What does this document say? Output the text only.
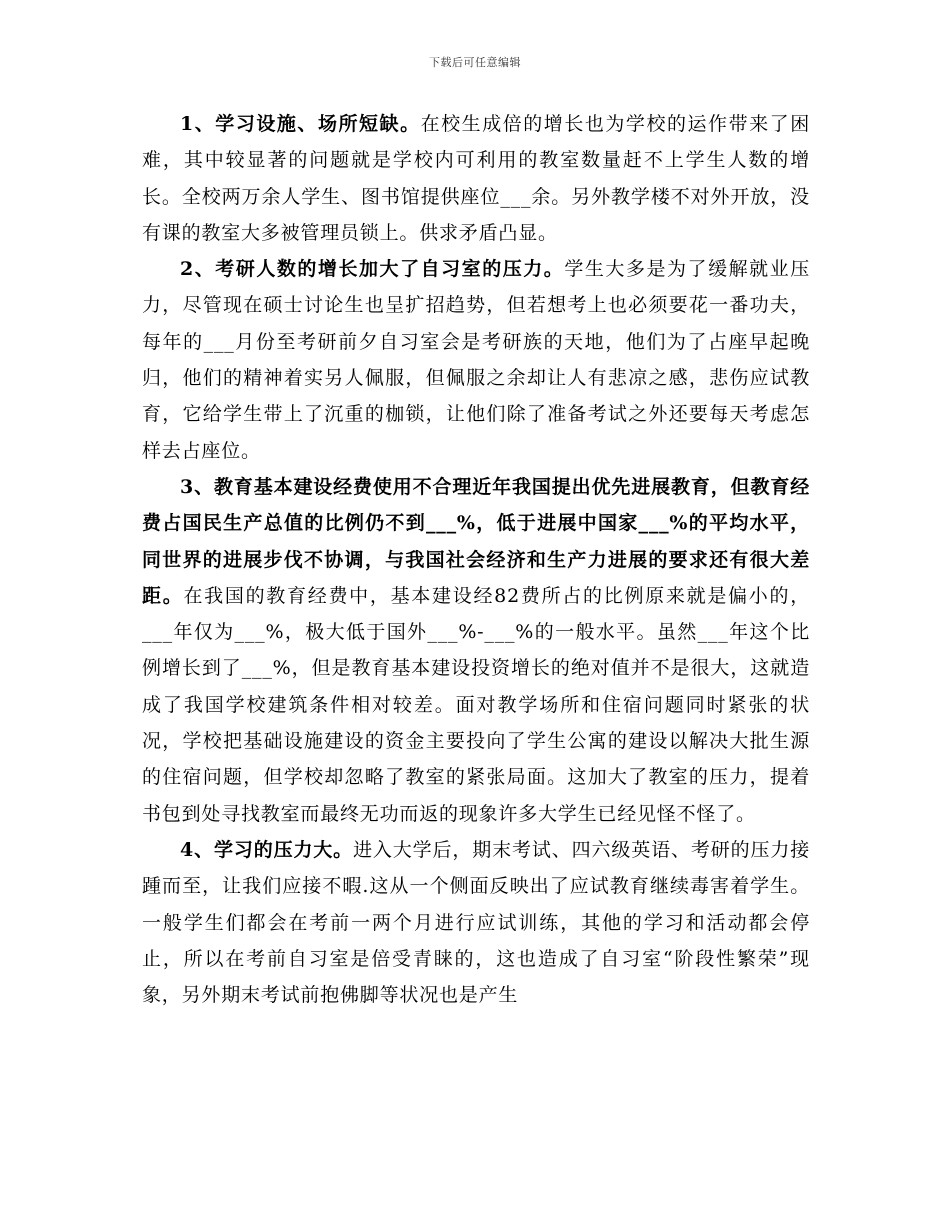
下载后可任意编辑

1、学习设施、场所短缺。在校生成倍的增长也为学校的运作带来了困难，其中较显著的问题就是学校内可利用的教室数量赶不上学生人数的增长。全校两万余人学生、图书馆提供座位___余。另外教学楼不对外开放，没有课的教室大多被管理员锁上。供求矛盾凸显。

2、考研人数的增长加大了自习室的压力。学生大多是为了缓解就业压力，尽管现在硕士讨论生也呈扩招趋势，但若想考上也必须要花一番功夫，每年的___月份至考研前夕自习室会是考研族的天地，他们为了占座早起晚归，他们的精神着实另人佩服，但佩服之余却让人有悲凉之感，悲伤应试教育，它给学生带上了沉重的枷锁，让他们除了准备考试之外还要每天考虑怎样去占座位。

3、教育基本建设经费使用不合理近年我国提出优先进展教育，但教育经费占国民生产总值的比例仍不到___%，低于进展中国家___%的平均水平，同世界的进展步伐不协调，与我国社会经济和生产力进展的要求还有很大差距。在我国的教育经费中，基本建设经82费所占的比例原来就是偏小的，___年仅为___%，极大低于国外___%-___%的一般水平。虽然___年这个比例增长到了___%，但是教育基本建设投资增长的绝对值并不是很大，这就造成了我国学校建筑条件相对较差。面对教学场所和住宿问题同时紧张的状况，学校把基础设施建设的资金主要投向了学生公寓的建设以解决大批生源的住宿问题，但学校却忽略了教室的紧张局面。这加大了教室的压力，提着书包到处寻找教室而最终无功而返的现象许多大学生已经见怪不怪了。

4、学习的压力大。进入大学后，期末考试、四六级英语、考研的压力接踵而至，让我们应接不暇.这从一个侧面反映出了应试教育继续毒害着学生。一般学生们都会在考前一两个月进行应试训练，其他的学习和活动都会停止，所以在考前自习室是倍受青睐的，这也造成了自习室“阶段性繁荣”现象，另外期末考试前抱佛脚等状况也是产生
